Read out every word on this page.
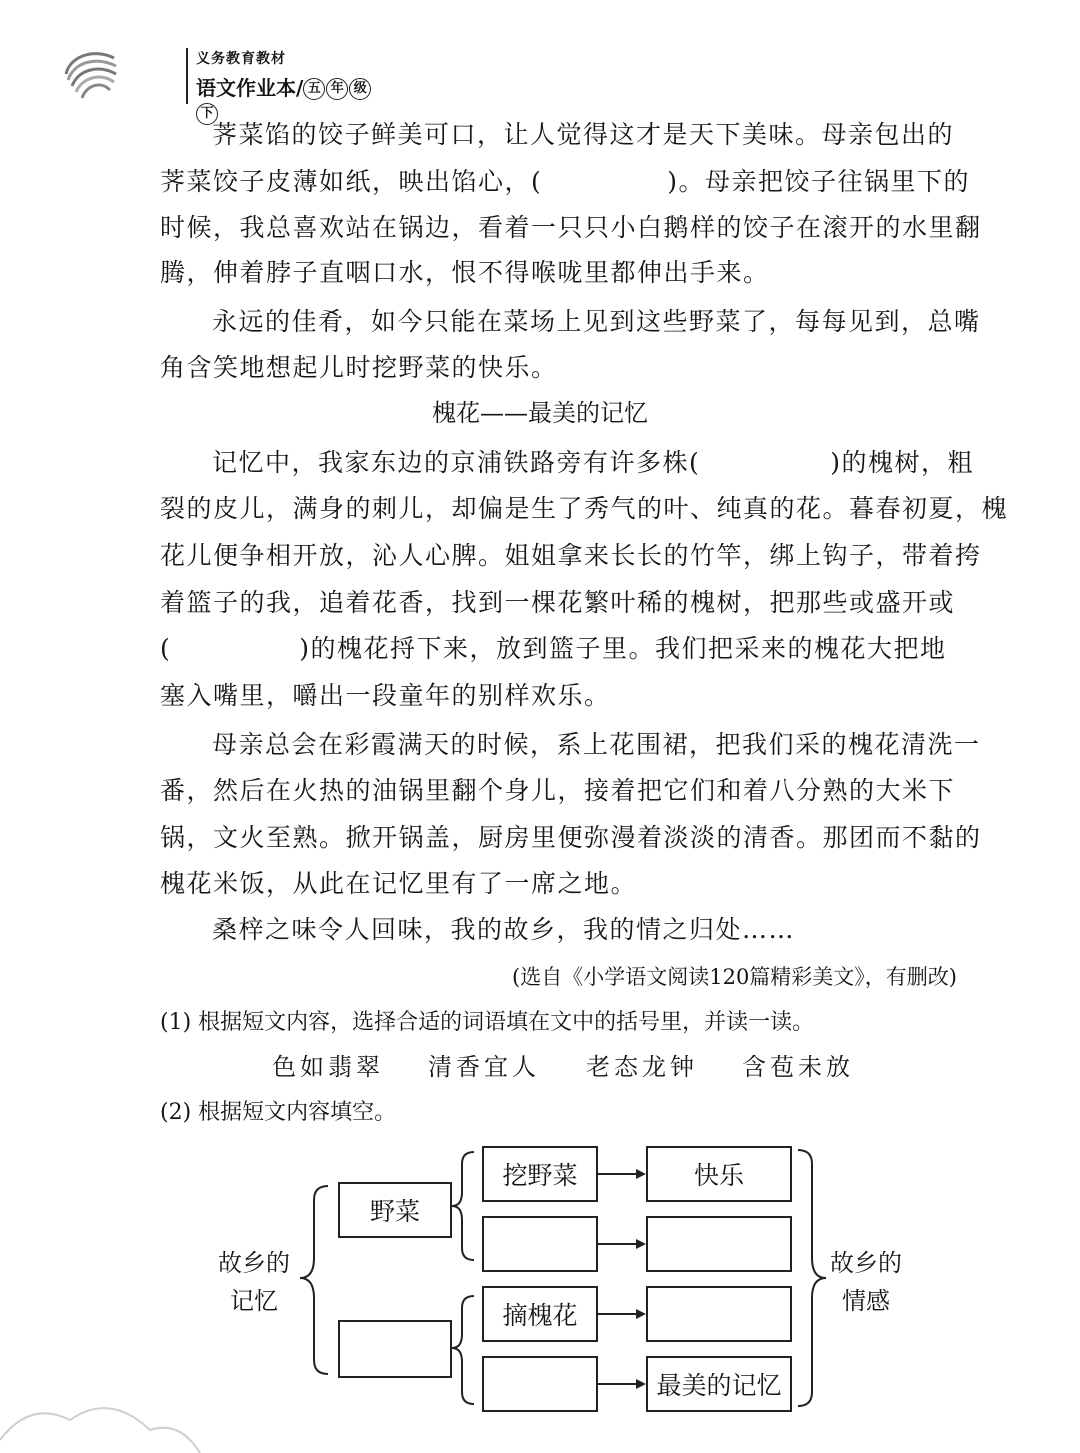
义务教育教材
语文作业本/ 五 年 级下
荠菜馅的饺子鲜美可口，让人觉得这才是天下美味。母亲包出的
荠菜饺子皮薄如纸，映出馅心，(	)。母亲把饺子往锅里下的
时候，我总喜欢站在锅边，看着一只只小白鹅样的饺子在滚开的水里翻
腾，伸着脖子直咽口水，恨不得喉咙里都伸出手来。
永远的佳肴，如今只能在菜场上见到这些野菜了，每每见到，总嘴
角含笑地想起儿时挖野菜的快乐。
槐花——最美的记忆
记忆中，我家东边的京浦铁路旁有许多株(	)的槐树，粗
裂的皮儿，满身的刺儿，却偏是生了秀气的叶、纯真的花。暮春初夏，槐
花儿便争相开放，沁人心脾。姐姐拿来长长的竹竿，绑上钩子，带着挎
着篮子的我，追着花香，找到一棵花繁叶稀的槐树，把那些或盛开或
(	)的槐花捋下来，放到篮子里。我们把采来的槐花大把地
塞入嘴里，嚼出一段童年的别样欢乐。
母亲总会在彩霞满天的时候，系上花围裙，把我们采的槐花清洗一
番，然后在火热的油锅里翻个身儿，接着把它们和着八分熟的大米下
锅，文火至熟。掀开锅盖，厨房里便弥漫着淡淡的清香。那团而不黏的
槐花米饭，从此在记忆里有了一席之地。
桑梓之味令人回味，我的故乡，我的情之归处……
(选自《小学语文阅读120篇精彩美文》，有删改)
(1) 根据短文内容，选择合适的词语填在文中的括号里，并读一读。
色如翡翠 清香宜人 老态龙钟 含苞未放
(2) 根据短文内容填空。
故乡的
记忆
故乡的
情感
野菜
挖野菜
摘槐花
快乐
最美的记忆
